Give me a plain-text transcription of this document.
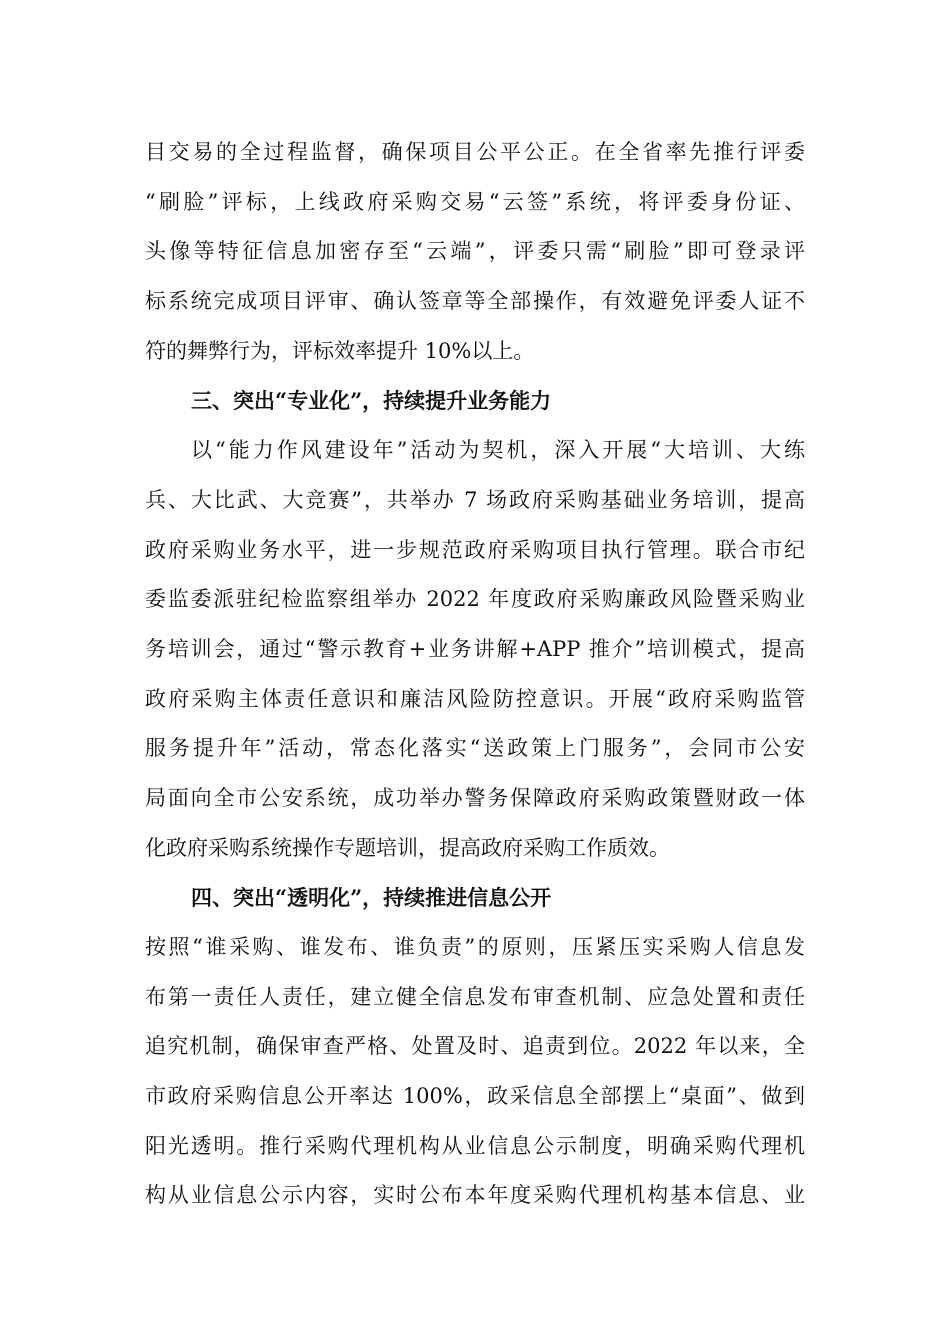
目交易的全过程监督，确保项目公平公正。在全省率先推行评委
“刷脸”评标，上线政府采购交易“云签”系统，将评委身份证、
头像等特征信息加密存至“云端”，评委只需“刷脸”即可登录评
标系统完成项目评审、确认签章等全部操作，有效避免评委人证不
符的舞弊行为，评标效率提升 10%以上。
三、突出“专业化”，持续提升业务能力
以“能力作风建设年”活动为契机，深入开展“大培训、大练
兵、大比武、大竞赛”，共举办 7 场政府采购基础业务培训，提高
政府采购业务水平，进一步规范政府采购项目执行管理。联合市纪
委监委派驻纪检监察组举办 2022 年度政府采购廉政风险暨采购业
务培训会，通过“警示教育+业务讲解+APP 推介”培训模式，提高
政府采购主体责任意识和廉洁风险防控意识。开展“政府采购监管
服务提升年”活动，常态化落实“送政策上门服务”，会同市公安
局面向全市公安系统，成功举办警务保障政府采购政策暨财政一体
化政府采购系统操作专题培训，提高政府采购工作质效。
四、突出“透明化”，持续推进信息公开
按照“谁采购、谁发布、谁负责”的原则，压紧压实采购人信息发
布第一责任人责任，建立健全信息发布审查机制、应急处置和责任
追究机制，确保审查严格、处置及时、追责到位。2022 年以来，全
市政府采购信息公开率达 100%，政采信息全部摆上“桌面”、做到
阳光透明。推行采购代理机构从业信息公示制度，明确采购代理机
构从业信息公示内容，实时公布本年度采购代理机构基本信息、业
